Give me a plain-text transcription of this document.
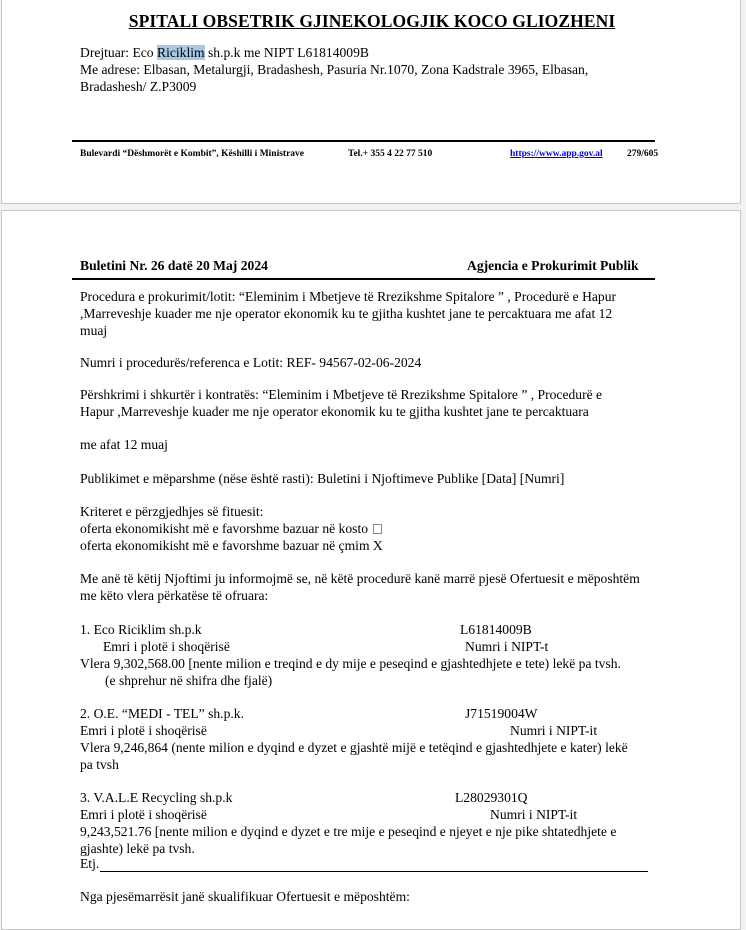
SPITALI OBSETRIK GJINEKOLOGJIK KOCO GLIOZHENI
Drejtuar: Eco Riciklim sh.p.k me NIPT L61814009B
Me adrese: Elbasan, Metalurgji, Bradashesh, Pasuria Nr.1070, Zona Kadstrale 3965, Elbasan,
Bradashesh/ Z.P3009
Bulevardi “Dëshmorët e Kombit”, Këshilli i Ministrave	Tel.+ 355 4 22 77 510	https://www.app.gov.al	279/605
Buletini Nr. 26 datë 20 Maj 2024	Agjencia e Prokurimit Publik
Procedura e prokurimit/lotit: “Eleminim i Mbetjeve të Rrezikshme Spitalore ” , Procedurë e Hapur
,Marreveshje kuader me nje operator ekonomik ku te gjitha kushtet jane te percaktuara me afat 12
muaj
Numri i procedurës/referenca e Lotit: REF- 94567-02-06-2024
Përshkrimi i shkurtër i kontratës: “Eleminim i Mbetjeve të Rrezikshme Spitalore ” , Procedurë e
Hapur ,Marreveshje kuader me nje operator ekonomik ku te gjitha kushtet jane te percaktuara
me afat 12 muaj
Publikimet e mëparshme (nëse është rasti): Buletini i Njoftimeve Publike [Data] [Numri]
Kriteret e përzgjedhjes së fituesit:
oferta ekonomikisht më e favorshme bazuar në kosto
oferta ekonomikisht më e favorshme bazuar në çmim X
Me anë të këtij Njoftimi ju informojmë se, në këtë procedurë kanë marrë pjesë Ofertuesit e mëposhtëm
me këto vlera përkatëse të ofruara:
1. Eco Riciklim sh.p.k	L61814009B
Emri i plotë i shoqërisë	Numri i NIPT-t
Vlera 9,302,568.00 [nente milion e treqind e dy mije e peseqind e gjashtedhjete e tete) lekë pa tvsh.
(e shprehur në shifra dhe fjalë)
2. O.E. “MEDI - TEL” sh.p.k.	J71519004W
Emri i plotë i shoqërisë	Numri i NIPT-it
Vlera 9,246,864 (nente milion e dyqind e dyzet e gjashtë mijë e tetëqind e gjashtedhjete e kater) lekë
pa tvsh
3. V.A.L.E Recycling sh.p.k	L28029301Q
Emri i plotë i shoqërisë	Numri i NIPT-it
9,243,521.76 [nente milion e dyqind e dyzet e tre mije e peseqind e njeyet e nje pike shtatedhjete e
gjashte) lekë pa tvsh.
Etj.
Nga pjesëmarrësit janë skualifikuar Ofertuesit e mëposhtëm:
